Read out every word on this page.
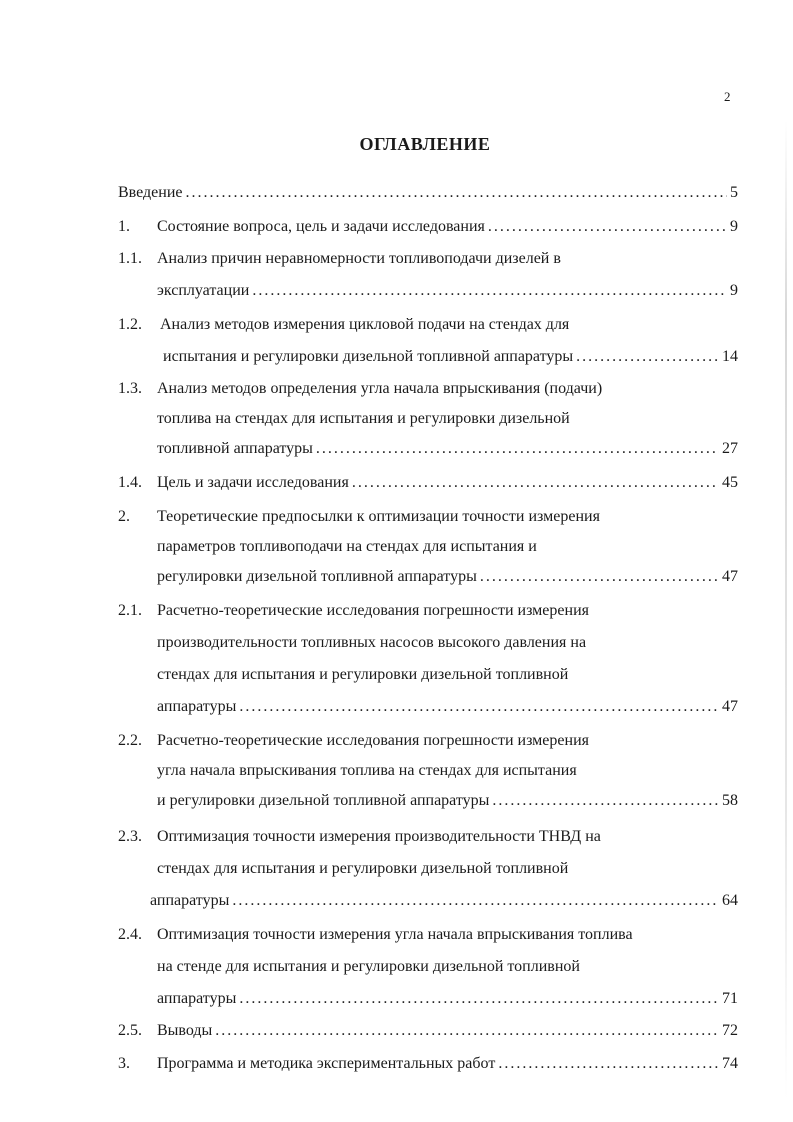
2
ОГЛАВЛЕНИЕ
Введение .....	5
1. Состояние вопроса, цель и задачи исследования .....	9
1.1. Анализ причин неравномерности топливоподачи дизелей в
эксплуатации .....	9
1.2. Анализ методов измерения цикловой подачи на стендах для
испытания и регулировки дизельной топливной аппаратуры .....	14
1.3. Анализ методов определения угла начала впрыскивания (подачи)
топлива на стендах для испытания и регулировки дизельной
топливной аппаратуры .....	27
1.4. Цель и задачи исследования .....	45
2. Теоретические предпосылки к оптимизации точности измерения
параметров топливоподачи на стендах для испытания и
регулировки дизельной топливной аппаратуры .....	47
2.1. Расчетно-теоретические исследования погрешности измерения
производительности топливных насосов высокого давления на
стендах для испытания и регулировки дизельной топливной
аппаратуры .....	47
2.2. Расчетно-теоретические исследования погрешности измерения
угла начала впрыскивания топлива на стендах для испытания
и регулировки дизельной топливной аппаратуры .....	58
2.3. Оптимизация точности измерения производительности ТНВД на
стендах для испытания и регулировки дизельной топливной
аппаратуры .....	64
2.4. Оптимизация точности измерения угла начала впрыскивания топлива
на стенде для испытания и регулировки дизельной топливной
аппаратуры .....	71
2.5. Выводы .....	72
3. Программа и методика экспериментальных работ .....	74
